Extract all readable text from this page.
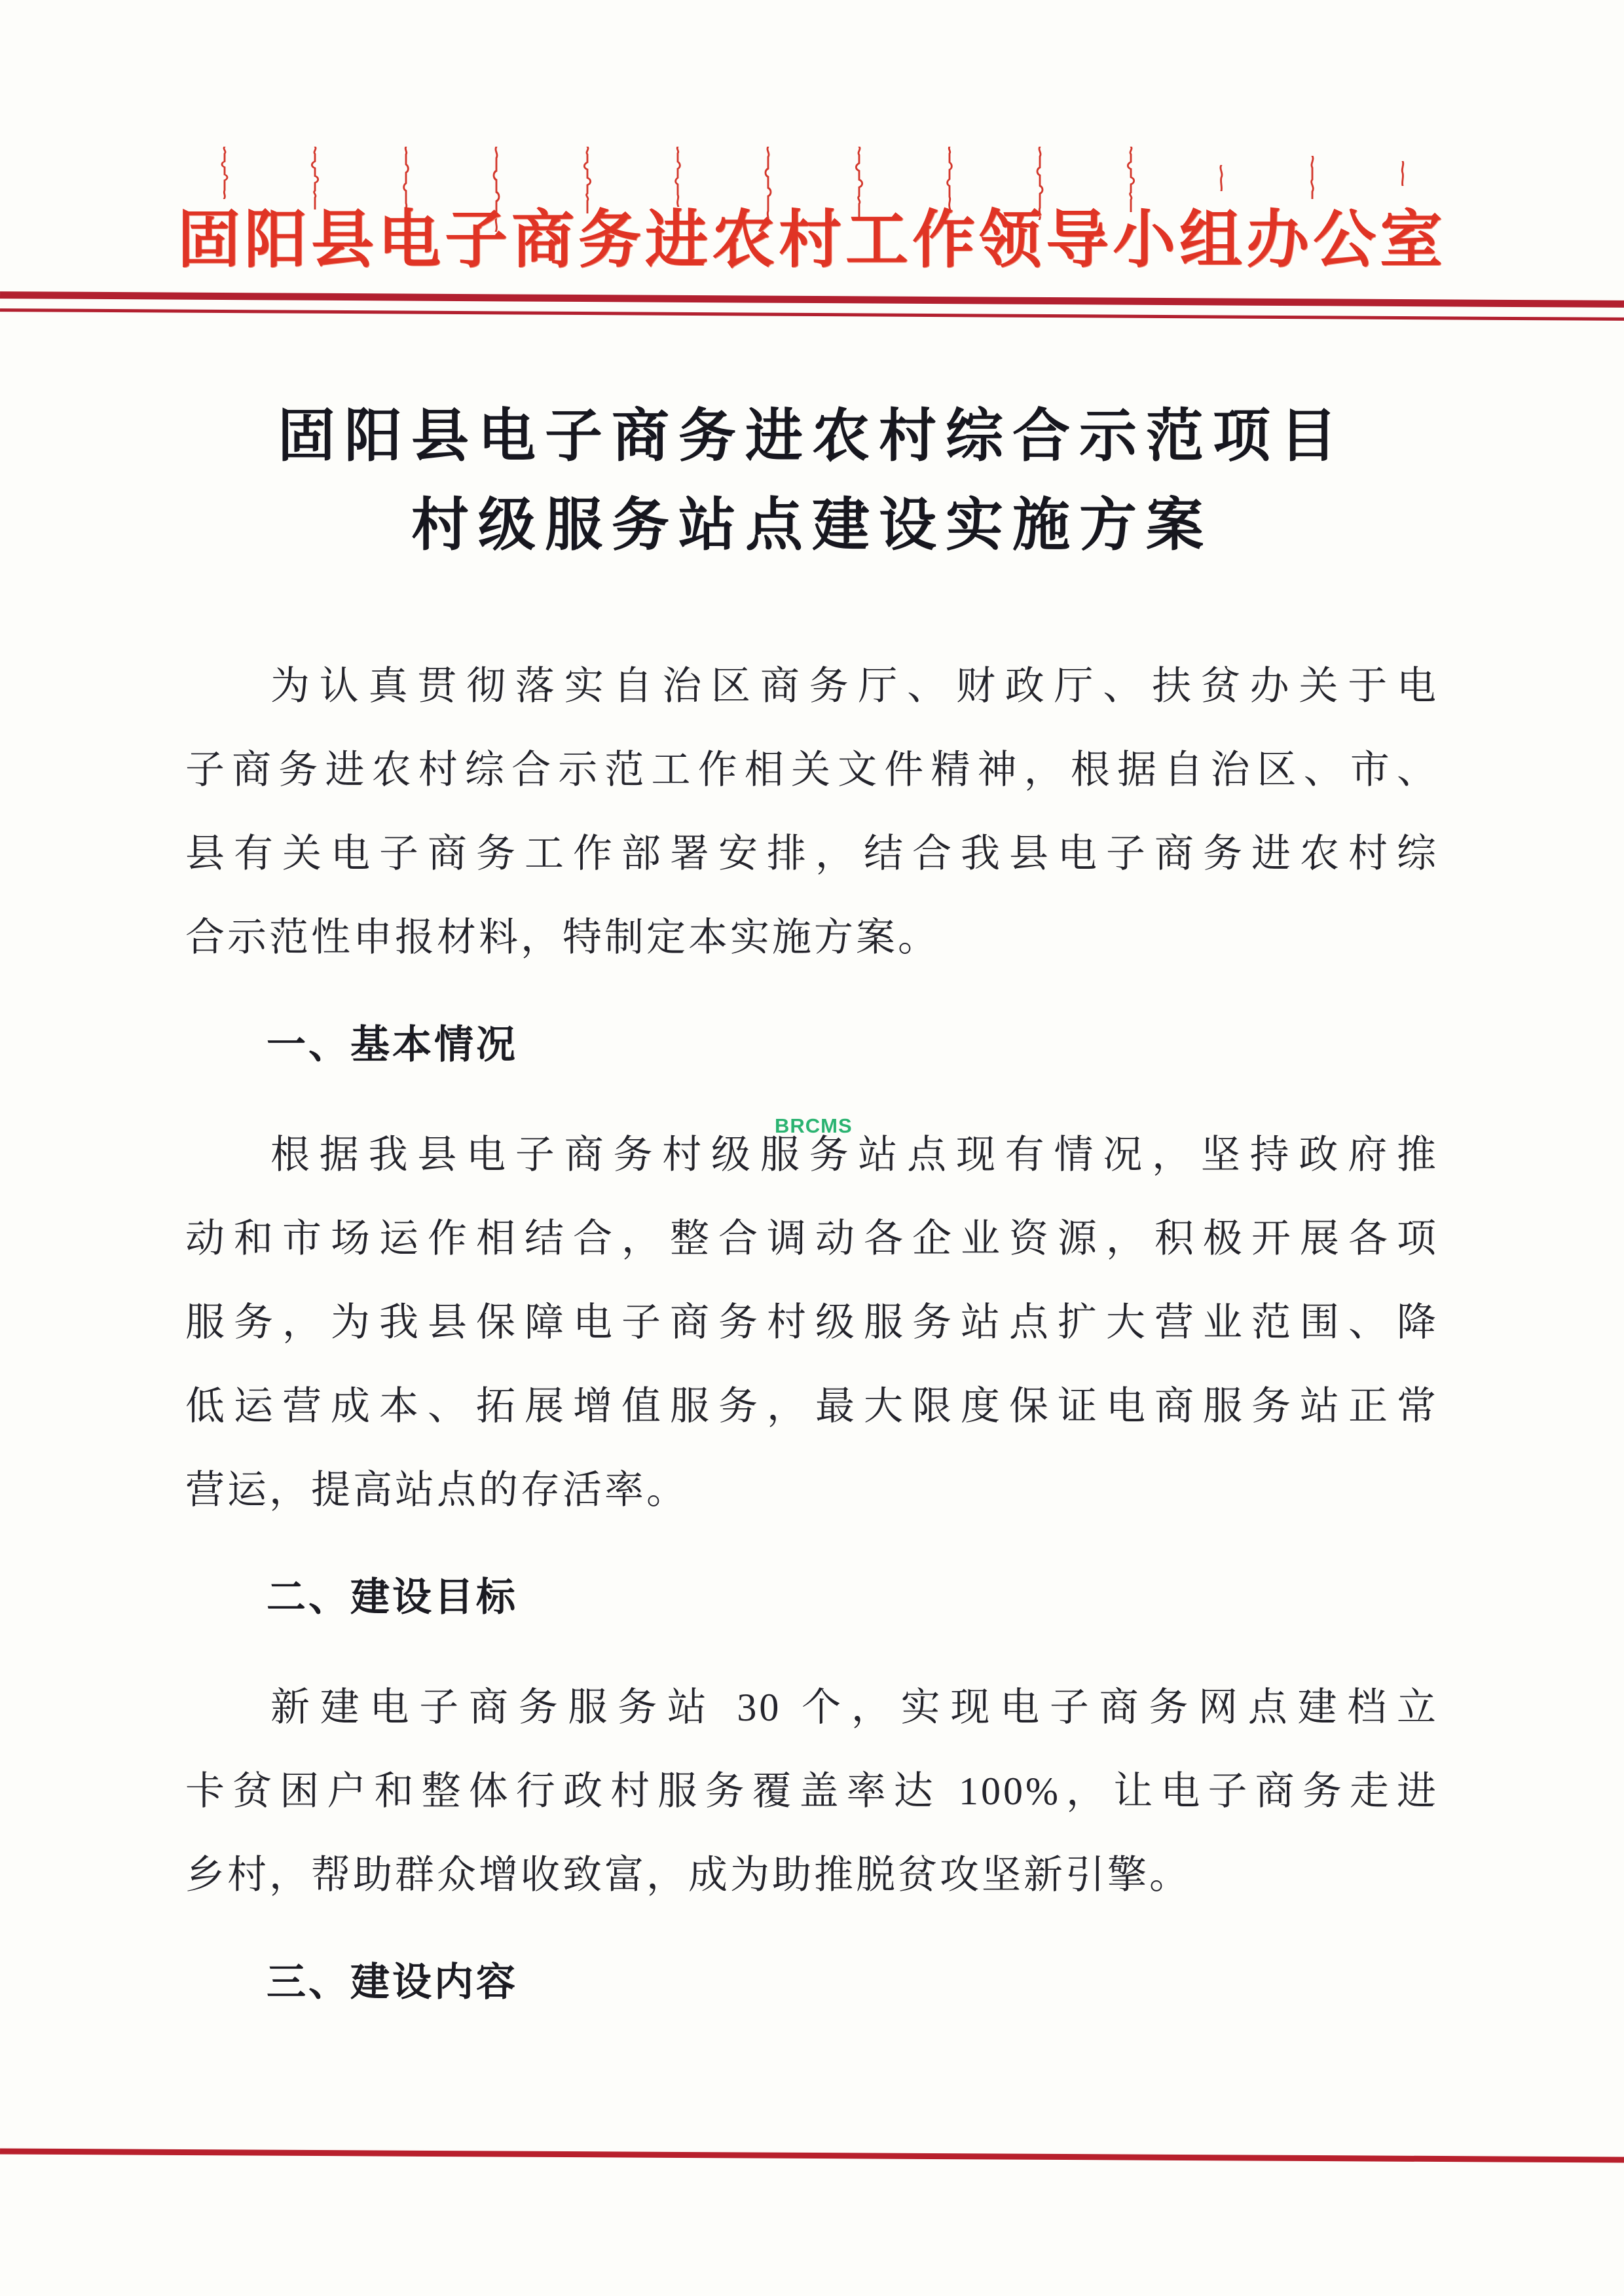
固阳县电子商务进农村工作领导小组办公室
固阳县电子商务进农村综合示范项目
村级服务站点建设实施方案
BRCMS
为认真贯彻落实自治区商务厅、财政厅、扶贫办关于电
子商务进农村综合示范工作相关文件精神，根据自治区、市、
县有关电子商务工作部署安排，结合我县电子商务进农村综
合示范性申报材料，特制定本实施方案。
一、基本情况
根据我县电子商务村级服务站点现有情况，坚持政府推
动和市场运作相结合，整合调动各企业资源，积极开展各项
服务，为我县保障电子商务村级服务站点扩大营业范围、降
低运营成本、拓展增值服务，最大限度保证电商服务站正常
营运，提高站点的存活率。
二、建设目标
新建电子商务服务站 30 个，实现电子商务网点建档立
卡贫困户和整体行政村服务覆盖率达 100%，让电子商务走进
乡村，帮助群众增收致富，成为助推脱贫攻坚新引擎。
三、建设内容
